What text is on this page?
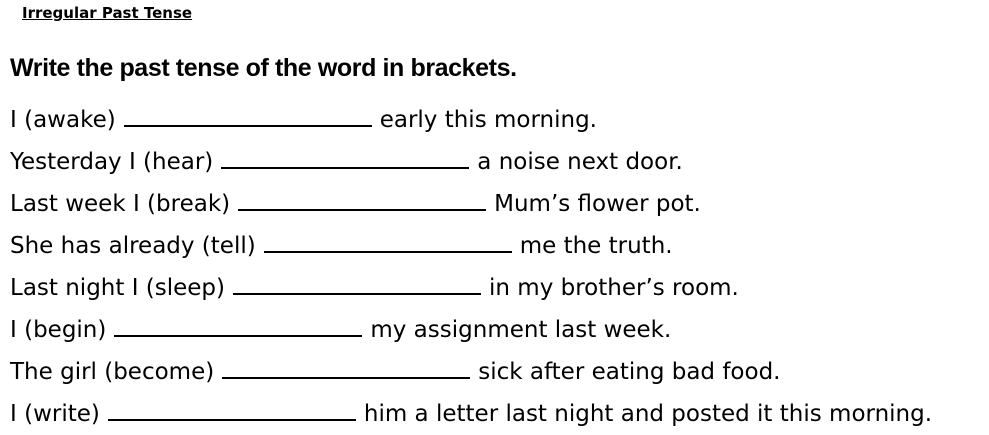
Irregular Past Tense
Write the past tense of the word in brackets.
I (awake)	early this morning.
Yesterday I (hear)	a noise next door.
Last week I (break)	Mum’s flower pot.
She has already (tell)	me the truth.
Last night I (sleep)	in my brother’s room.
I (begin)	my assignment last week.
The girl (become)	sick after eating bad food.
I (write)	him a letter last night and posted it this morning.
